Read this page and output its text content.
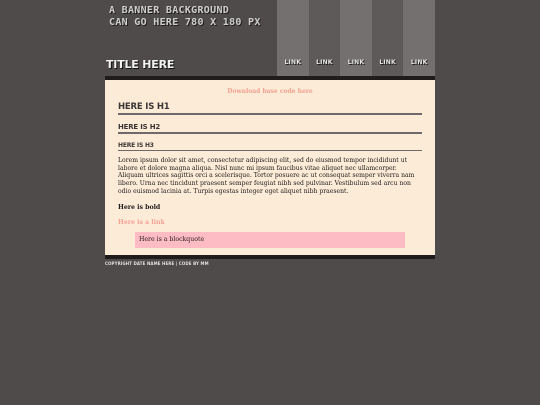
A BANNER BACKGROUND
CAN GO HERE 780 X 180 PX
TITLE HERE	LINK	LINK	LINK	LINK	LINK
Download base code here
HERE IS H1
HERE IS H2
HERE IS H3

Lorem ipsum dolor sit amet, consectetur adipiscing elit, sed do eiusmod tempor incididunt ut labore et dolore magna aliqua. Nisl nunc mi ipsum faucibus vitae aliquet nec ullamcorper. Aliquam ultrices sagittis orci a scelerisque. Tortor posuere ac ut consequat semper viverra nam libero. Urna nec tincidunt praesent semper feugiat nibh sed pulvinar. Vestibulum sed arcu non odio euismod lacinia at. Turpis egestas integer eget aliquet nibh praesent.

Here is bold

Here is a link

Here is a blockquote
COPYRIGHT DATE NAME HERE | CODE BY MM
